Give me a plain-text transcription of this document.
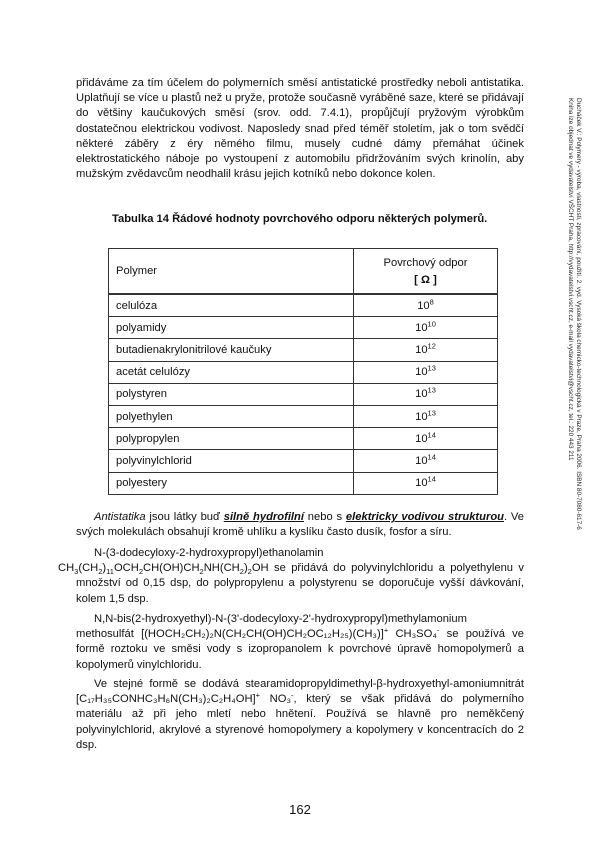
Ducháček V.: Polymery - výroba, vlastnosti, zpracování, použití. 2. vyd. Vysoká škola chemicko-technologická v Praze, Praha 2006. ISBN 80-7080-617-6
Kniha lze objednat ve vydavatelství VŠCHT Praha, http://vydavatelstvi.vscht.cz, e-mail vydavatelstvi@vscht.cz, tel.: 220 443 211

přidáváme za tím účelem do polymerních směsí antistatické prostředky neboli antistatika. Uplatňují se více u plastů než u pryže, protože současně vyráběné saze, které se přidávají do většiny kaučukových směsí (srov. odd. 7.4.1), propůjčují pryžovým výrobkům dostatečnou elektrickou vodivost. Naposledy snad před téměř stoletím, jak o tom svědčí některé záběry z éry němého filmu, musely cudné dámy přemáhat účinek elektrostatického náboje po vystoupení z automobilu přidržováním svých krinolín, aby mužským zvědavcům neodhalil krásu jejich kotníků nebo dokonce kolen.

Tabulka 14 Řádové hodnoty povrchového odporu některých polymerů.

Polymer	Povrchový odpor
[ Ω ]

celulóza	$10^8$
polyamidy	$10^{10}$
butadienakrylonitrilové kaučuky	$10^{12}$
acetát celulózy	$10^{13}$
polystyren	$10^{13}$
polyethylen	$10^{13}$
polypropylen	$10^{14}$
polyvinylchlorid	$10^{14}$
polyestery	$10^{14}$

Antistatika jsou látky buď silně hydrofilní nebo s elektricky vodivou strukturou. Ve svých molekulách obsahují kromě uhlíku a kyslíku často dusík, fosfor a síru.

N-(3-dodecyloxy-2-hydroxypropyl)ethanolamin
$CH_3(CH_2)_{11}OCH_2CH(OH)CH_2NH(CH_2)_2OH$ se přidává do polyvinylchloridu a polyethylenu v množství od 0,15 dsp, do polypropylenu a polystyrenu se doporučuje vyšší dávkování, kolem 1,5 dsp.

N,N-bis(2-hydroxyethyl)-N-(3'-dodecyloxy-2'-hydroxypropyl)methylamonium methosulfát [(HOCH₂CH₂)₂N(CH₂CH(OH)CH₂OC₁₂H₂₅)(CH₃)]+ CH₃SO₄- se používá ve formě roztoku ve směsi vody s izopropanolem k povrchové úpravě homopolymerů a kopolymerů vinylchloridu.

Ve stejné formě se dodává stearamidopropyldimethyl-β-hydroxyethyl-amoniumnitrát [C₁₇H₃₅CONHC₃H₆N(CH₃)₂C₂H₄OH]+ NO₃-, který se však přidává do polymerního materiálu až při jeho mletí nebo hnětení. Používá se hlavně pro neměkčený polyvinylchlorid, akrylové a styrenové homopolymery a kopolymery v koncentracích do 2 dsp.

162
